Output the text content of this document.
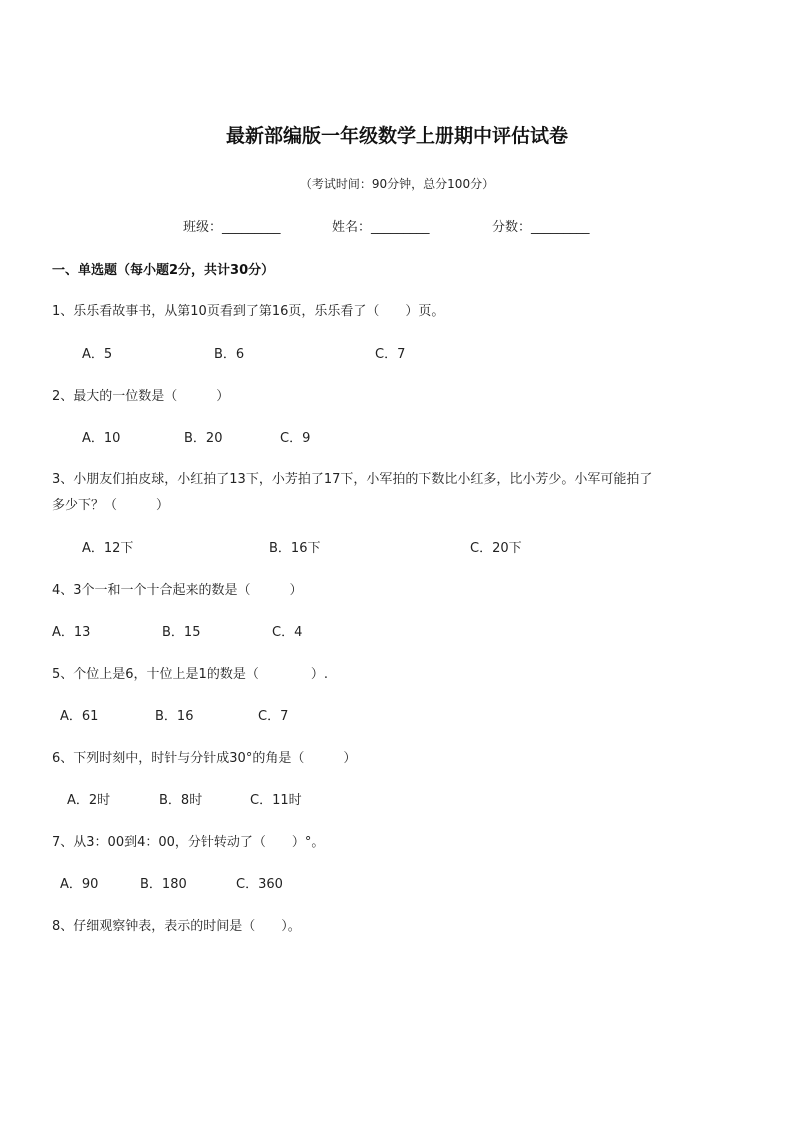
最新部编版一年级数学上册期中评估试卷
（考试时间：90分钟，总分100分）
班级：_________	姓名：_________	分数：_________
一、单选题（每小题2分，共计30分）
1、乐乐看故事书，从第10页看到了第16页，乐乐看了（　　）页。
A．5	B．6	C．7
2、最大的一位数是（　　　）
A．10	B．20	C．9
3、小朋友们拍皮球，小红拍了13下，小芳拍了17下，小军拍的下数比小红多，比小芳少。小军可能拍了
多少下？（　　　）
A．12下	B．16下	C．20下
4、3个一和一个十合起来的数是（　　　）
A．13	B．15	C．4
5、个位上是6，十位上是1的数是（　　　　）.
A．61	B．16	C．7
6、下列时刻中，时针与分针成30°的角是（　　　）
A．2时	B．8时	C．11时
7、从3：00到4：00，分针转动了（　　）°。
A．90	B．180	C．360
8、仔细观察钟表，表示的时间是（　　）。
